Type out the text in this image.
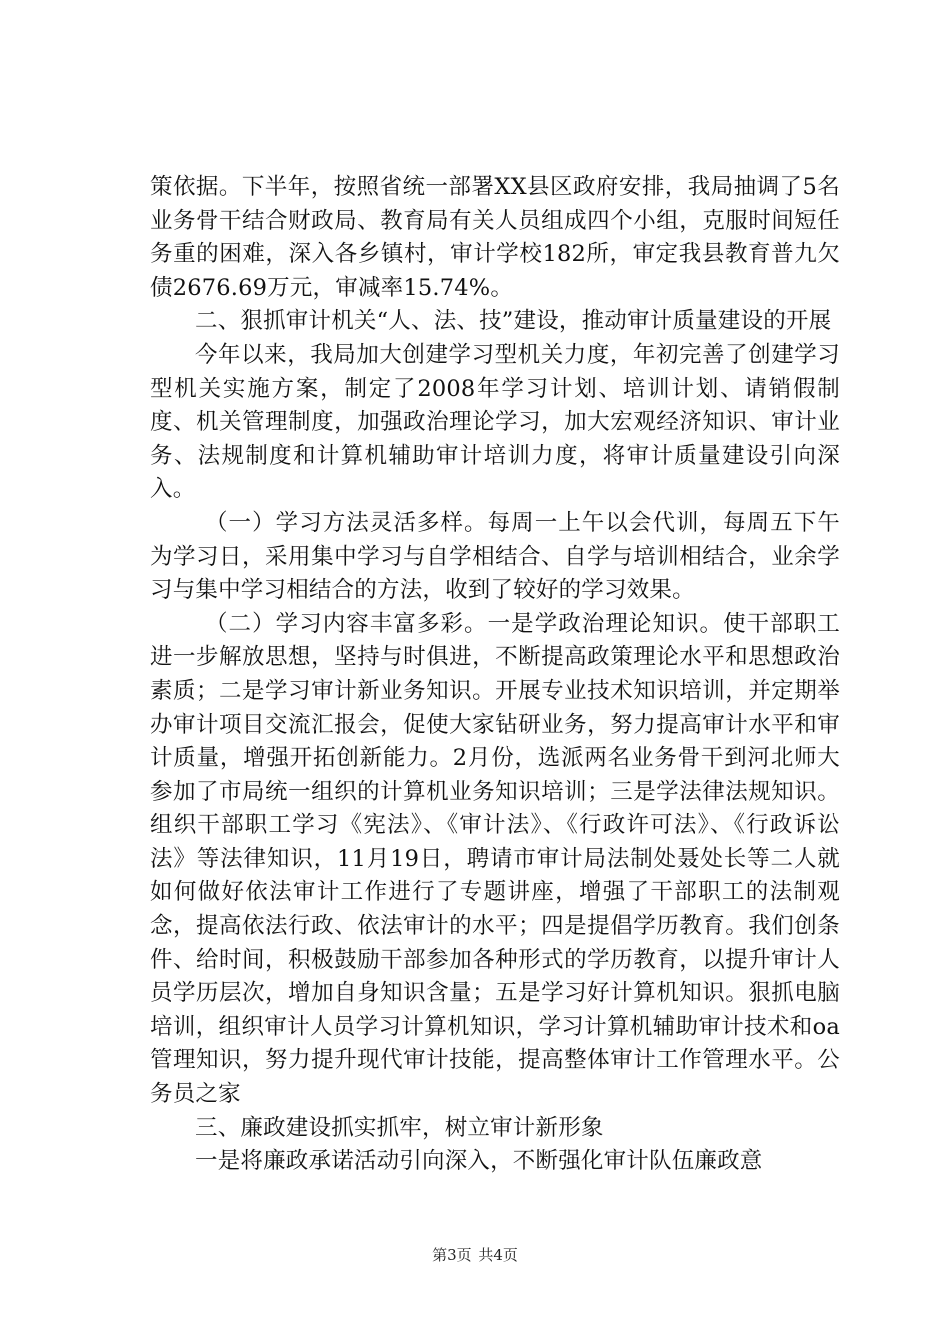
策依据。下半年，按照省统一部署XX县区政府安排，我局抽调了5名业务骨干结合财政局、教育局有关人员组成四个小组，克服时间短任务重的困难，深入各乡镇村，审计学校182所，审定我县教育普九欠债2676.69万元，审减率15.74%。

二、狠抓审计机关“人、法、技”建设，推动审计质量建设的开展

今年以来，我局加大创建学习型机关力度，年初完善了创建学习型机关实施方案，制定了2008年学习计划、培训计划、请销假制度、机关管理制度，加强政治理论学习，加大宏观经济知识、审计业务、法规制度和计算机辅助审计培训力度，将审计质量建设引向深入。

（一）学习方法灵活多样。每周一上午以会代训，每周五下午为学习日，采用集中学习与自学相结合、自学与培训相结合，业余学习与集中学习相结合的方法，收到了较好的学习效果。

（二）学习内容丰富多彩。一是学政治理论知识。使干部职工进一步解放思想，坚持与时俱进，不断提高政策理论水平和思想政治素质；二是学习审计新业务知识。开展专业技术知识培训，并定期举办审计项目交流汇报会，促使大家钻研业务，努力提高审计水平和审计质量，增强开拓创新能力。2月份，选派两名业务骨干到河北师大参加了市局统一组织的计算机业务知识培训；三是学法律法规知识。组织干部职工学习《宪法》、《审计法》、《行政许可法》、《行政诉讼法》等法律知识，11月19日，聘请市审计局法制处聂处长等二人就如何做好依法审计工作进行了专题讲座，增强了干部职工的法制观念，提高依法行政、依法审计的水平；四是提倡学历教育。我们创条件、给时间，积极鼓励干部参加各种形式的学历教育，以提升审计人员学历层次，增加自身知识含量；五是学习好计算机知识。狠抓电脑培训，组织审计人员学习计算机知识，学习计算机辅助审计技术和oa管理知识，努力提升现代审计技能，提高整体审计工作管理水平。公务员之家

三、廉政建设抓实抓牢，树立审计新形象

一是将廉政承诺活动引向深入，不断强化审计队伍廉政意

第3页 共4页
